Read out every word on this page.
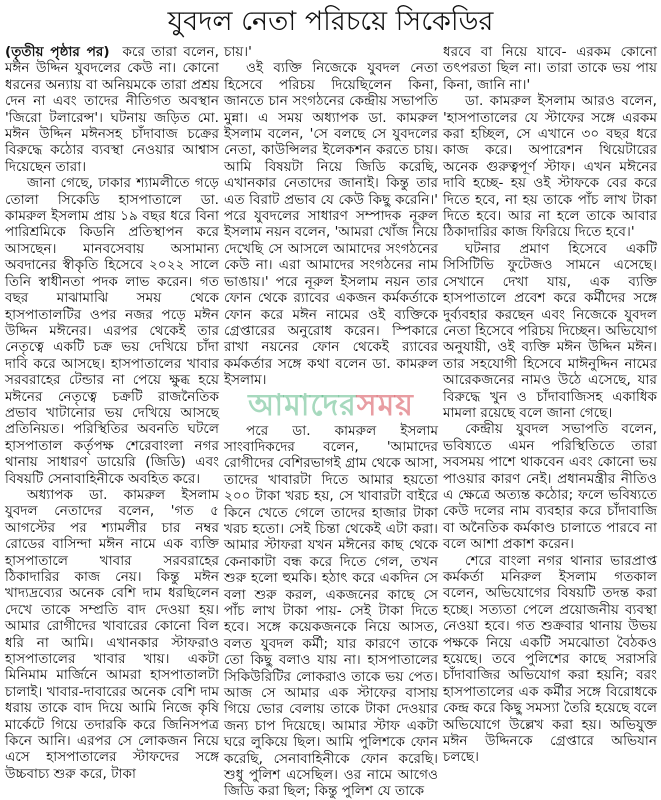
যুবদল নেতা পরিচয়ে সিকেডির

(তৃতীয় পৃষ্ঠার পর) করে তারা বলেন, মঈন উদ্দিন যুবদলের কেউ না। কোনো ধরনের অন্যায় বা অনিয়মকে তারা প্রশ্রয় দেন না এবং তাদের নীতিগত অবস্থান 'জিরো টলারেন্স'। ঘটনায় জড়িত মো. মঈন উদ্দিন মঈনসহ চাঁদাবাজ চক্রের বিরুদ্ধে কঠোর ব্যবস্থা নেওয়ার আশ্বাস দিয়েছেন তারা।

জানা গেছে, ঢাকার শ্যামলীতে গড়ে তোলা সিকেডি হাসপাতালে ডা. কামরুল ইসলাম প্রায় ১৯ বছর ধরে বিনা পারিশ্রমিকে কিডনি প্রতিস্থাপন করে আসছেন। মানবসেবায় অসামান্য অবদানের স্বীকৃতি হিসেবে ২০২২ সালে তিনি স্বাধীনতা পদক লাভ করেন। গত বছর মাঝামাঝি সময় থেকে হাসপাতালটির ওপর নজর পড়ে মঈন উদ্দিন মঈনের। এরপর থেকেই তার নেতৃত্বে একটি চক্র ভয় দেখিয়ে চাঁদা দাবি করে আসছে। হাসপাতালের খাবার সরবরাহের টেন্ডার না পেয়ে ক্ষুব্ধ হয়ে মঈনের নেতৃত্বে চক্রটি রাজনৈতিক প্রভাব খাটানোর ভয় দেখিয়ে আসছে প্রতিনিয়ত। পরিস্থিতির অবনতি ঘটলে হাসপাতাল কর্তৃপক্ষ শেরেবাংলা নগর থানায় সাধারণ ডায়েরি (জিডি) এবং বিষয়টি সেনাবাহিনীকে অবহিত করে।

অধ্যাপক ডা. কামরুল ইসলাম যুবদল নেতাদের বলেন, 'গত ৫ আগস্টের পর শ্যামলীর চার নম্বর রোডের বাসিন্দা মঈন নামে এক ব্যক্তি হাসপাতালে খাবার সরবরাহের ঠিকাদারির কাজ নেয়। কিন্তু মঈন খাদ্যদ্রব্যের অনেক বেশি দাম ধরছিলেন দেখে তাকে সম্প্রতি বাদ দেওয়া হয়। আমার রোগীদের খাবারের কোনো বিল ধরি না আমি। এখানকার স্টাফরাও হাসপাতালের খাবার খায়। একটা মিনিমাম মার্জিনে আমরা হাসপাতালটা চালাই। খাবার-দাবারের অনেক বেশি দাম ধরায় তাকে বাদ দিয়ে আমি নিজে কৃষি মার্কেটে গিয়ে তদারকি করে জিনিসপত্র কিনে আনি। এরপর সে লোকজন নিয়ে এসে হাসপাতালের স্টাফদের সঙ্গে উচ্চবাচ্য শুরু করে, টাকা

চায়।'

ওই ব্যক্তি নিজেকে যুবদল নেতা হিসেবে পরিচয় দিয়েছিলেন কিনা, জানতে চান সংগঠনের কেন্দ্রীয় সভাপতি মুন্না। এ সময় অধ্যাপক ডা. কামরুল ইসলাম বলেন, 'সে বলছে সে যুবদলের নেতা, কাউন্সিলর ইলেকশন করতে চায়। আমি বিষয়টা নিয়ে জিডি করেছি, এখানকার নেতাদের জানাই। কিন্তু তার এত বিরাট প্রভাব যে কেউ কিছু করেনি।' পরে যুবদলের সাধারণ সম্পাদক নূরুল ইসলাম নয়ন বলেন, 'আমরা খোঁজ নিয়ে দেখেছি সে আসলে আমাদের সংগঠনের কেউ না। এরা আমাদের সংগঠনের নাম ভাঙায়।' পরে নূরুল ইসলাম নয়ন তার ফোন থেকে র‌্যাবের একজন কর্মকর্তাকে ফোন করে মঈন নামের ওই ব্যক্তিকে গ্রেপ্তারের অনুরোধ করেন। স্পিকারে রাখা নয়নের ফোন থেকেই র‌্যাবের কর্মকর্তার সঙ্গে কথা বলেন ডা. কামরুল ইসলাম।

আমাদেরসময়

পরে ডা. কামরুল ইসলাম সাংবাদিকদের বলেন, 'আমাদের রোগীদের বেশিরভাগই গ্রাম থেকে আসা, তাদের খাবারটা দিতে আমার হয়তো ২০০ টাকা খরচ হয়, সে খাবারটা বাইরে কিনে খেতে গেলে তাদের হাজার টাকা খরচ হতো। সেই চিন্তা থেকেই এটা করা। আমার স্টাফরা যখন মঈনের কাছ থেকে কেনাকাটা বন্ধ করে দিতে গেল, তখন শুরু হলো হুমকি। হঠাৎ করে একদিন সে বলা শুরু করল, একজনের কাছে সে পাঁচ লাখ টাকা পায়- সেই টাকা দিতে হবে। সঙ্গে কয়েকজনকে নিয়ে আসত, বলত যুবদল কর্মী; যার কারণে তাকে তো কিছু বলাও যায় না। হাসপাতালের সিকিউরিটির লোকরাও তাকে ভয় পেত। আজ সে আমার এক স্টাফের বাসায় গিয়ে ভোর বেলায় তাকে টাকা দেওয়ার জন্য চাপ দিয়েছে। আমার স্টাফ একটা ঘরে লুকিয়ে ছিল। আমি পুলিশকে ফোন করেছি, সেনাবাহিনীকে ফোন করেছি। শুধু পুলিশ এসেছিল। ওর নামে আগেও জিডি করা ছিল; কিন্তু পুলিশ যে তাকে

ধরবে বা নিয়ে যাবে- এরকম কোনো তৎপরতা ছিল না। তারা তাকে ভয় পায় কিনা, জানি না।'

ডা. কামরুল ইসলাম আরও বলেন, 'হাসপাতালের যে স্টাফের সঙ্গে এরকম করা হচ্ছিল, সে এখানে ৩০ বছর ধরে কাজ করে। অপারেশন থিয়েটারের অনেক গুরুত্বপূর্ণ স্টাফ। এখন মঈনের দাবি হচ্ছে- হয় ওই স্টাফকে বের করে দিতে হবে, না হয় তাকে পাঁচ লাখ টাকা দিতে হবে। আর না হলে তাকে আবার ঠিকাদারির কাজ ফিরিয়ে দিতে হবে।'

ঘটনার প্রমাণ হিসেবে একটি সিসিটিভি ফুটেজও সামনে এসেছে। সেখানে দেখা যায়, এক ব্যক্তি হাসপাতালে প্রবেশ করে কর্মীদের সঙ্গে দুর্ব্যবহার করছেন এবং নিজেকে যুবদল নেতা হিসেবে পরিচয় দিচ্ছেন। অভিযোগ অনুযায়ী, ওই ব্যক্তি মঈন উদ্দিন মঈন। তার সহযোগী হিসেবে মাঈনুদ্দিন নামের আরেকজনের নামও উঠে এসেছে, যার বিরুদ্ধে খুন ও চাঁদাবাজিসহ একাধিক মামলা রয়েছে বলে জানা গেছে।

কেন্দ্রীয় যুবদল সভাপতি বলেন, ভবিষ্যতে এমন পরিস্থিতিতে তারা সবসময় পাশে থাকবেন এবং কোনো ভয় পাওয়ার কারণ নেই। প্রধানমন্ত্রীর নীতিও এ ক্ষেত্রে অত্যন্ত কঠোর; ফলে ভবিষ্যতে কেউ দলের নাম ব্যবহার করে চাঁদাবাজি বা অনৈতিক কর্মকাণ্ড চালাতে পারবে না বলে আশা প্রকাশ করেন।

শেরে বাংলা নগর থানার ভারপ্রাপ্ত কর্মকর্তা মনিরুল ইসলাম গতকাল বলেন, অভিযোগের বিষয়টি তদন্ত করা হচ্ছে। সত্যতা পেলে প্রয়োজনীয় ব্যবস্থা নেওয়া হবে। গত শুক্রবার থানায় উভয় পক্ষকে নিয়ে একটি সমঝোতা বৈঠকও হয়েছে। তবে পুলিশের কাছে সরাসরি চাঁদাবাজির অভিযোগ করা হয়নি; বরং হাসপাতালের এক কর্মীর সঙ্গে বিরোধকে কেন্দ্র করে কিছু সমস্যা তৈরি হয়েছে বলে অভিযোগে উল্লেখ করা হয়। অভিযুক্ত মঈন উদ্দিনকে গ্রেপ্তারে অভিযান চলছে।
